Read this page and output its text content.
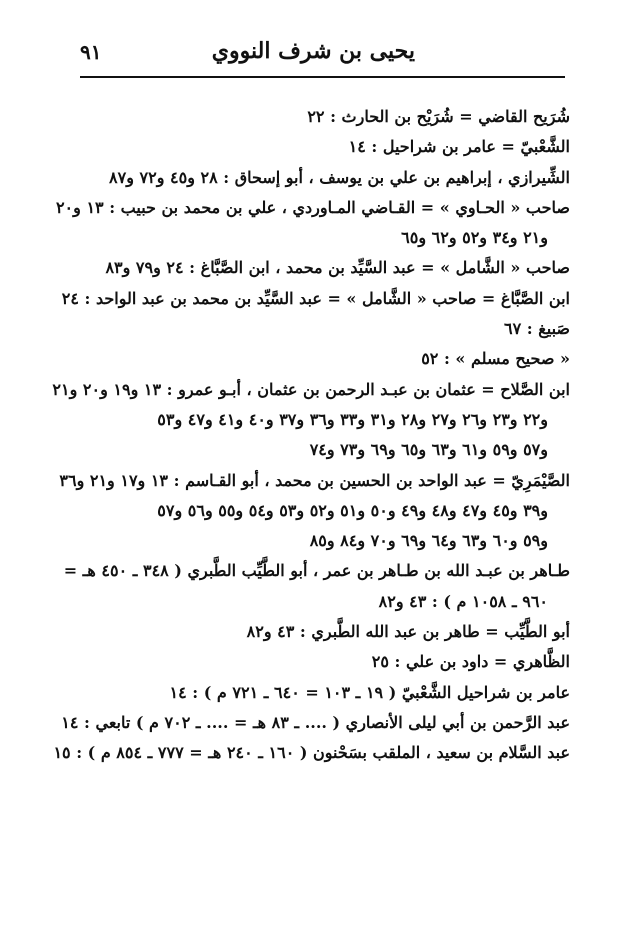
يحيى بن شرف النووي
٩١
شُرَيح القاضي = شُرَيْح بن الحارث : ٢٢
الشَّعْبيّ = عامر بن شراحيل : ١٤
الشِّيرازي ، إبراهيم بن علي بن يوسف ، أبو إسحاق : ٢٨ و٤٥ و٧٢ و٨٧
صاحب « الحـاوي » = القـاضي المـاوردي ، علي بن محمد بن حبيب : ١٣ و٢٠
و٢١ و٣٤ و٥٢ و٦٢ و٦٥
صاحب « الشَّامل » = عبد السَّيِّد بن محمد ، ابن الصَّبَّاغ : ٢٤ و٧٩ و٨٣
ابن الصَّبَّاغ = صاحب « الشَّامل » = عبد السَّيِّد بن محمد بن عبد الواحد : ٢٤
صَبيغ : ٦٧
« صحيح مسلم » : ٥٢
ابن الصَّلاح = عثمان بن عبـد الرحمن بن عثمان ، أبـو عمرو : ١٣ و١٩ و٢٠ و٢١
و٢٢ و٢٣ و٢٦ و٢٧ و٢٨ و٣١ و٣٣ و٣٦ و٣٧ و٤٠ و٤١ و٤٧ و٥٣
و٥٧ و٥٩ و٦١ و٦٣ و٦٥ و٦٩ و٧٣ و٧٤
الصَّيْمَرِيّ = عبد الواحد بن الحسين بن محمد ، أبو القـاسم : ١٣ و١٧ و٢١ و٣٦
و٣٩ و٤٥ و٤٧ و٤٨ و٤٩ و٥٠ و٥١ و٥٢ و٥٣ و٥٤ و٥٥ و٥٦ و٥٧
و٥٩ و٦٠ و٦٣ و٦٤ و٦٩ و٧٠ و٨٤ و٨٥
طـاهر بن عبـد الله بن طـاهر بن عمر ، أبو الطَّيِّب الطَّبري ( ٣٤٨ ـ ٤٥٠ هـ =
٩٦٠ ـ ١٠٥٨ م ) : ٤٣ و٨٢
أبو الطَّيِّب = طاهر بن عبد الله الطَّبري : ٤٣ و٨٢
الظَّاهري = داود بن علي : ٢٥
عامر بن شراحيل الشَّعْبيّ ( ١٩ ـ ١٠٣ = ٦٤٠ ـ ٧٢١ م ) : ١٤
عبد الرَّحمن بن أبي ليلى الأنصاري ( .... ـ ٨٣ هـ = .... ـ ٧٠٢ م ) تابعي : ١٤
عبد السَّلام بن سعيد ، الملقب بسَحْنون ( ١٦٠ ـ ٢٤٠ هـ = ٧٧٧ ـ ٨٥٤ م ) : ١٥
